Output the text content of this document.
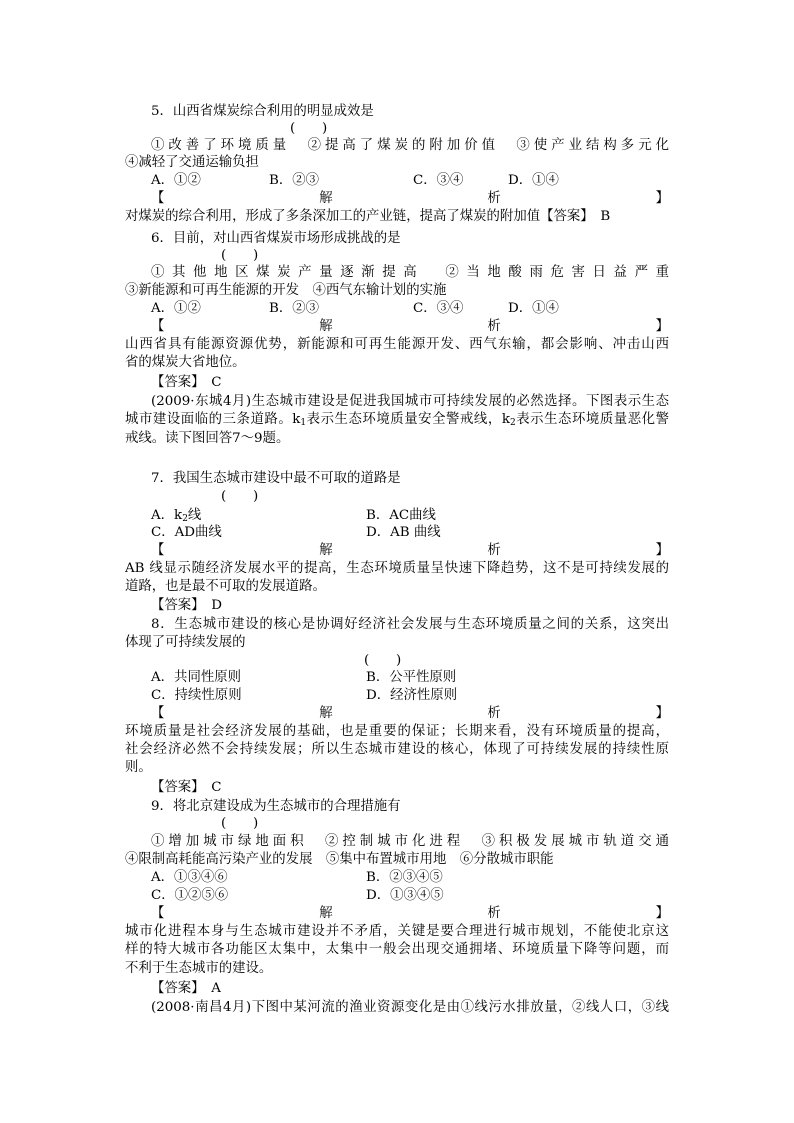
5．山西省煤炭综合利用的明显成效是
(　　)
①改善了环境质量　②提高了煤炭的附加价值　③使产业结构多元化
④减轻了交通运输负担
A．①②	B．②③	C．③④	D．①④
【	解	析	】
对煤炭的综合利用，形成了多条深加工的产业链，提高了煤炭的附加值【答案】　B
6．目前，对山西省煤炭市场形成挑战的是
(　　)
①其他地区煤炭产量逐渐提高　②当地酸雨危害日益严重
③新能源和可再生能源的开发　④西气东输计划的实施
A．①②	B．②③	C．③④	D．①④
【	解	析	】
山西省具有能源资源优势，新能源和可再生能源开发、西气东输，都会影响、冲击山西
省的煤炭大省地位。
【答案】　C
(2009·东城4月)生态城市建设是促进我国城市可持续发展的必然选择。下图表示生态
城市建设面临的三条道路。$k_1$表示生态环境质量安全警戒线，$k_2$表示生态环境质量恶化警
戒线。读下图回答7～9题。
7．我国生态城市建设中最不可取的道路是
(　　)
A．$k_2$线	B．AC曲线
C．AD曲线	D．AB 曲线
【	解	析	】
AB 线显示随经济发展水平的提高，生态环境质量呈快速下降趋势，这不是可持续发展的
道路，也是最不可取的发展道路。
【答案】　D
8．生态城市建设的核心是协调好经济社会发展与生态环境质量之间的关系，这突出
体现了可持续发展的
(　　)
A．共同性原则	B．公平性原则
C．持续性原则	D．经济性原则
【	解	析	】
环境质量是社会经济发展的基础，也是重要的保证；长期来看，没有环境质量的提高，
社会经济必然不会持续发展；所以生态城市建设的核心，体现了可持续发展的持续性原
则。
【答案】　C
9．将北京建设成为生态城市的合理措施有
(　　)
①增加城市绿地面积　②控制城市化进程　③积极发展城市轨道交通
④限制高耗能高污染产业的发展　⑤集中布置城市用地　⑥分散城市职能
A．①③④⑥	B．②③④⑤
C．①②⑤⑥	D．①③④⑤
【	解	析	】
城市化进程本身与生态城市建设并不矛盾，关键是要合理进行城市规划，不能使北京这
样的特大城市各功能区太集中，太集中一般会出现交通拥堵、环境质量下降等问题，而
不利于生态城市的建设。
【答案】　A
(2008·南昌4月)下图中某河流的渔业资源变化是由①线污水排放量，②线人口，③线
